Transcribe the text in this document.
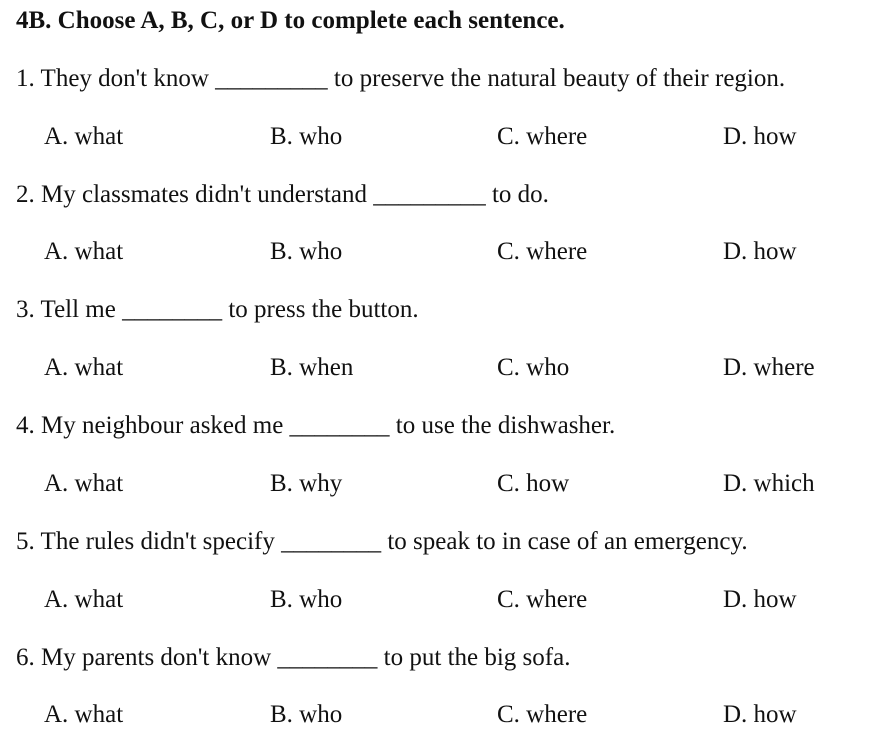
4B. Choose A, B, C, or D to complete each sentence.
1. They don't know _________ to preserve the natural beauty of their region.
A. what	B. who	C. where	D. how
2. My classmates didn't understand _________ to do.
A. what	B. who	C. where	D. how
3. Tell me ________ to press the button.
A. what	B. when	C. who	D. where
4. My neighbour asked me ________ to use the dishwasher.
A. what	B. why	C. how	D. which
5. The rules didn't specify ________ to speak to in case of an emergency.
A. what	B. who	C. where	D. how
6. My parents don't know ________ to put the big sofa.
A. what	B. who	C. where	D. how
